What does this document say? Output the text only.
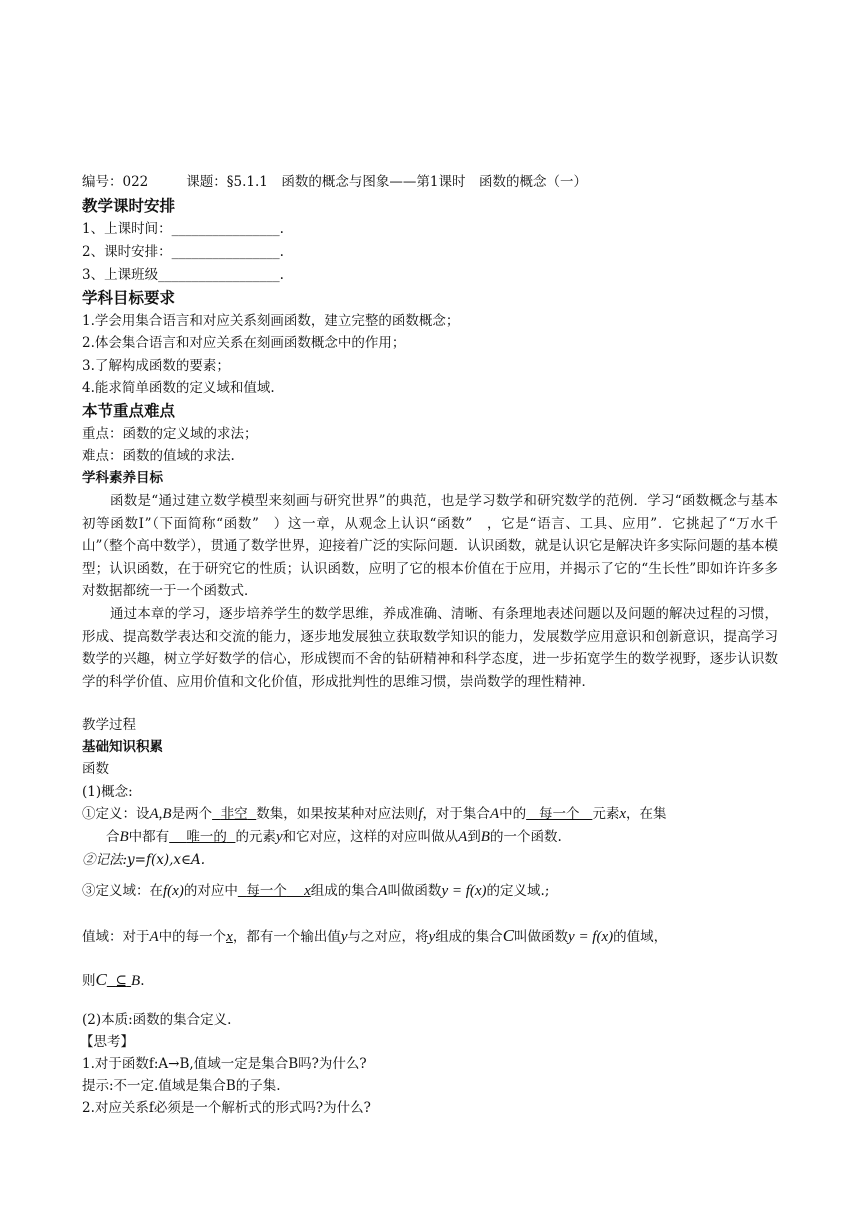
编号：022	课题：§5.1.1　函数的概念与图象——第1课时　函数的概念（一）
教学课时安排
1、上课时间：________________.
2、课时安排：________________.
3、上课班级__________________.
学科目标要求
1.学会用集合语言和对应关系刻画函数，建立完整的函数概念；
2.体会集合语言和对应关系在刻画函数概念中的作用；
3.了解构成函数的要素；
4.能求简单函数的定义域和值域.
本节重点难点
重点：函数的定义域的求法；
难点：函数的值域的求法.
学科素养目标
函数是“通过建立数学模型来刻画与研究世界”的典范，也是学习数学和研究数学的范例．学习“函数概念与基本初等函数Ⅰ”（下面简称“函数”　）这一章，从观念上认识“函数”　，它是“语言、工具、应用”．它挑起了“万水千山”（整个高中数学），贯通了数学世界，迎接着广泛的实际问题．认识函数，就是认识它是解决许多实际问题的基本模型；认识函数，在于研究它的性质；认识函数，应明了它的根本价值在于应用，并揭示了它的“生长性”即如许许多多对数据都统一于一个函数式．
通过本章的学习，逐步培养学生的数学思维，养成准确、清晰、有条理地表述问题以及问题的解决过程的习惯，形成、提高数学表达和交流的能力，逐步地发展独立获取数学知识的能力，发展数学应用意识和创新意识，提高学习数学的兴趣，树立学好数学的信心，形成锲而不舍的钻研精神和科学态度，进一步拓宽学生的数学视野，逐步认识数学的科学价值、应用价值和文化价值，形成批判性的思维习惯，崇尚数学的理性精神．
教学过程
基础知识积累
函数
(1)概念:
①定义：设A,B是两个 非空 数集，如果按某种对应法则f，对于集合A中的 每一个 元素x，在集
合B中都有 唯一的 的元素y和它对应，这样的对应叫做从A到B的一个函数.
②记法:y=f(x),x∈A.
③定义域：在f(x)的对应中 每一个 x组成的集合A叫做函数y = f(x)的定义域.;
值域：对于A中的每一个x，都有一个输出值y与之对应，将y组成的集合C叫做函数y = f(x)的值域，
则C ⊆ B.
(2)本质:函数的集合定义.
【思考】
1.对于函数f:A→B,值域一定是集合B吗?为什么?
提示:不一定.值域是集合B的子集.
2.对应关系f必须是一个解析式的形式吗?为什么?
